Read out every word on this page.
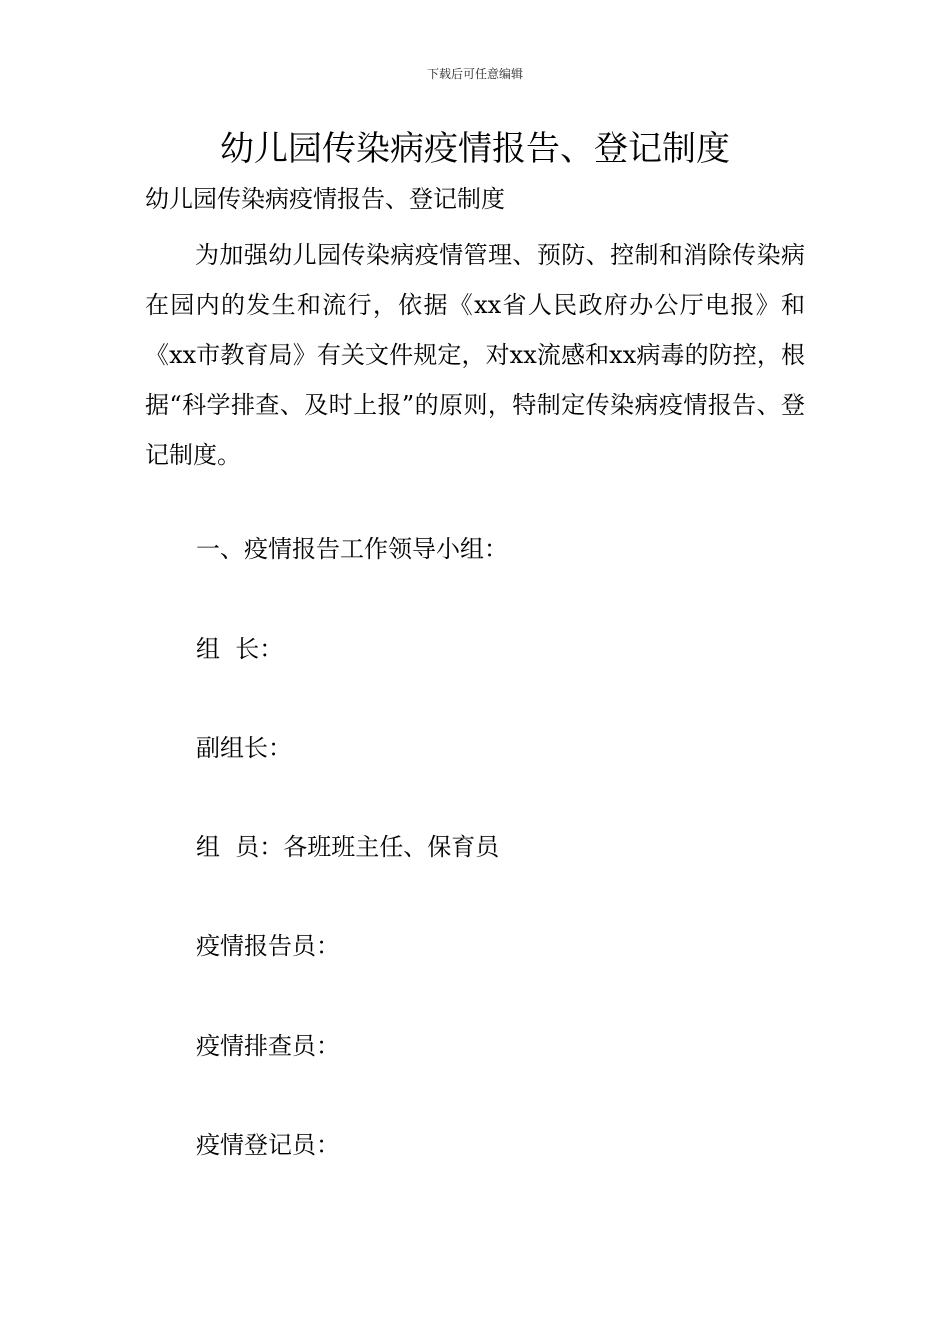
下载后可任意编辑
幼儿园传染病疫情报告、登记制度

幼儿园传染病疫情报告、登记制度

为加强幼儿园传染病疫情管理、预防、控制和消除传染病在园内的发生和流行，依据《xx省人民政府办公厅电报》和《xx市教育局》有关文件规定，对xx流感和xx病毒的防控，根据“科学排查、及时上报”的原则，特制定传染病疫情报告、登记制度。

一、疫情报告工作领导小组：

组  长：

副组长：

组  员：各班班主任、保育员

疫情报告员：

疫情排查员：

疫情登记员：
